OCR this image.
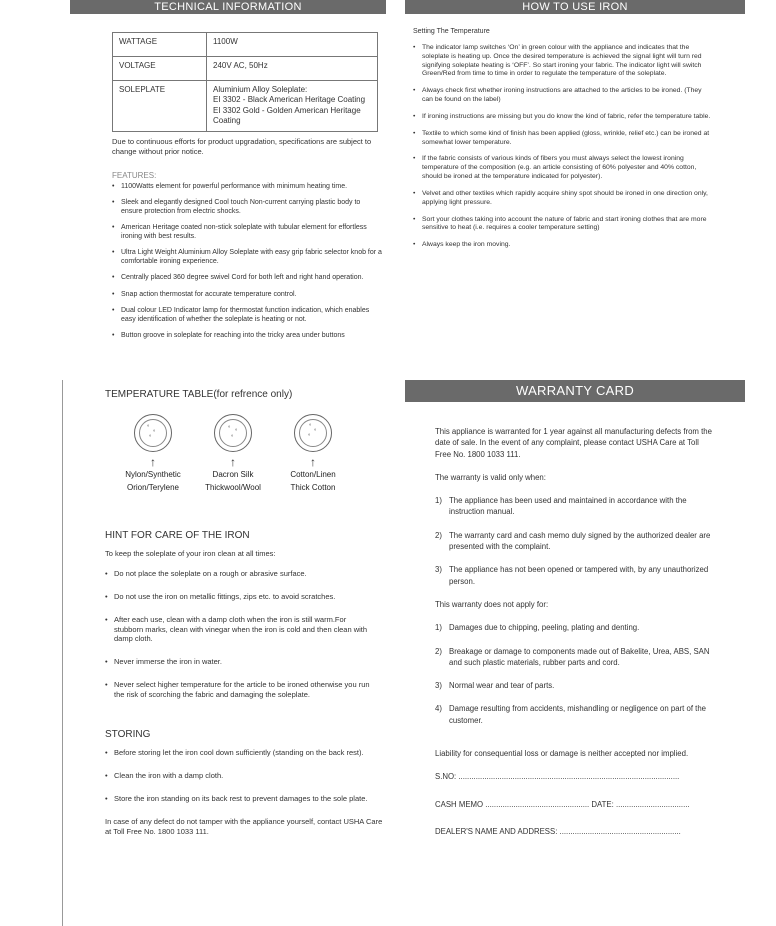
TECHNICAL INFORMATION
WATTAGE	1100W
VOLTAGE	240V AC, 50Hz
SOLEPLATE	Aluminium Alloy Soleplate:
EI 3302 - Black American Heritage Coating
EI 3302 Gold - Golden American Heritage Coating

Due to continuous efforts for product upgradation, specifications are subject to change without prior notice.

FEATURES:
• 1100Watts element for powerful performance with minimum heating time.
• Sleek and elegantly designed Cool touch Non-current carrying plastic body to ensure protection from electric shocks.
• American Heritage coated non-stick soleplate with tubular element for effortless ironing with best results.
• Ultra Light Weight Aluminium Alloy Soleplate with easy grip fabric selector knob for a comfortable ironing experience.
• Centrally placed 360 degree swivel Cord for both left and right hand operation.
• Snap action thermostat for accurate temperature control.
• Dual colour LED Indicator lamp for thermostat function indication, which enables easy identification of whether the soleplate is heating or not.
• Button groove in soleplate for reaching into the tricky area under buttons
HOW TO USE IRON
Setting The Temperature
• The indicator lamp switches ‘On’ in green colour with the appliance and indicates that the soleplate is heating up. Once the desired temperature is achieved the signal light will turn red signifying soleplate heating is ‘OFF’. So start ironing your fabric. The indicator light will switch Green/Red from time to time in order to regulate the temperature of the soleplate.
• Always check first whether ironing instructions are attached to the articles to be ironed. (They can be found on the label)
• If ironing instructions are missing but you do know the kind of fabric, refer the temperature table.
• Textile to which some kind of finish has been applied (gloss, wrinkle, relief etc.) can be ironed at somewhat lower temperature.
• If the fabric consists of various kinds of fibers you must always select the lowest ironing temperature of the composition (e.g. an article consisting of 60% polyester and 40% cotton, should be ironed at the temperature indicated for polyester).
• Velvet and other textiles which rapidly acquire shiny spot should be ironed in one direction only, applying light pressure.
• Sort your clothes taking into account the nature of fabric and start ironing clothes that are more sensitive to heat (i.e. requires a cooler temperature setting)
• Always keep the iron moving.
TEMPERATURE TABLE(for refrence only)
°
°
°
↑
Nylon/Synthetic
Orion/Terylene
° °
°
↑
Dacron Silk
Thickwool/Wool
°
°
°
↑
Cotton/Linen
Thick Cotton
HINT FOR CARE OF THE IRON

To keep the soleplate of your iron clean at all times:

• Do not place the soleplate on a rough or abrasive surface.
• Do not use the iron on metallic fittings, zips etc. to avoid scratches.
• After each use, clean with a damp cloth when the iron is still warm.For stubborn marks, clean with vinegar when the iron is cold and then clean with damp cloth.
• Never immerse the iron in water.
• Never select higher temperature for the article to be ironed otherwise you run the risk of scorching the fabric and damaging the soleplate.
STORING
• Before storing let the iron cool down sufficiently (standing on the back rest).
• Clean the iron with a damp cloth.
• Store the iron standing on its back rest to prevent damages to the sole plate.

In case of any defect do not tamper with the appliance yourself, contact USHA Care at Toll Free No. 1800 1033 111.

WARRANTY CARD

This appliance is warranted for 1 year against all manufacturing defects from the date of sale. In the event of any complaint, please contact USHA Care at Toll Free No. 1800 1033 111.

The warranty is valid only when:

1) The appliance has been used and maintained in accordance with the instruction manual.
2) The warranty card and cash memo duly signed by the authorized dealer are presented with the complaint.
3) The appliance has not been opened or tampered with, by any unauthorized person.

This warranty does not apply for:

1) Damages due to chipping, peeling, plating and denting.
2) Breakage or damage to components made out of Bakelite, Urea, ABS, SAN and such plastic materials, rubber parts and cord.
3) Normal wear and tear of parts.
4) Damage resulting from accidents, mishandling or negligence on part of the customer.

Liability for consequential loss or damage is neither accepted nor implied.

S.NO: ......................................................................................................
CASH MEMO ................................................ DATE: ..................................
DEALER'S NAME AND ADDRESS: ........................................................
